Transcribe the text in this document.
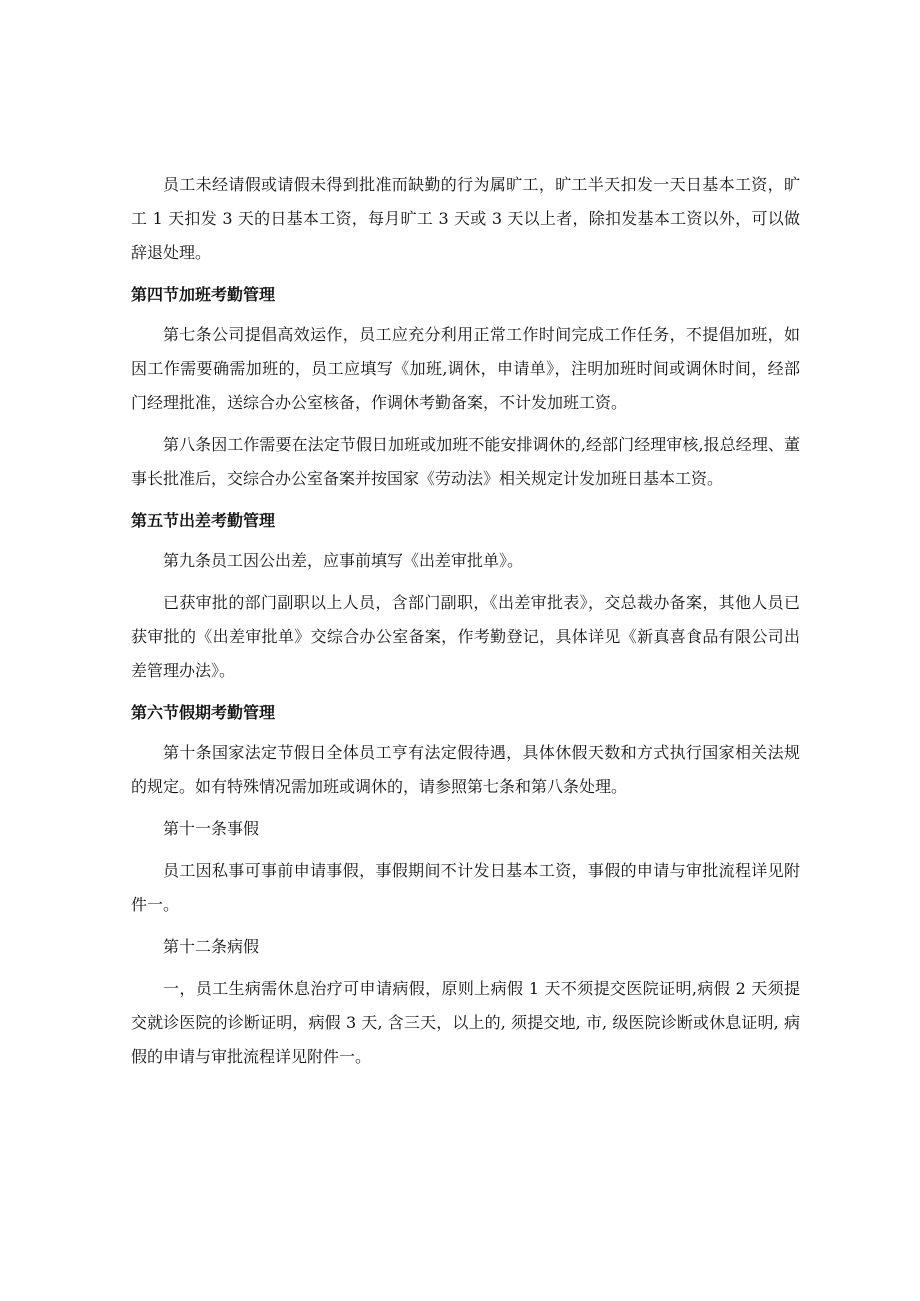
员工未经请假或请假未得到批准而缺勤的行为属旷工，旷工半天扣发一天日基本工资，旷工 1 天扣发 3 天的日基本工资，每月旷工 3 天或 3 天以上者，除扣发基本工资以外，可以做辞退处理。

第四节加班考勤管理

第七条公司提倡高效运作，员工应充分利用正常工作时间完成工作任务，不提倡加班，如因工作需要确需加班的，员工应填写《加班,调休，申请单》，注明加班时间或调休时间，经部门经理批准，送综合办公室核备，作调休考勤备案，不计发加班工资。

第八条因工作需要在法定节假日加班或加班不能安排调休的,经部门经理审核,报总经理、董事长批准后，交综合办公室备案并按国家《劳动法》相关规定计发加班日基本工资。

第五节出差考勤管理

第九条员工因公出差，应事前填写《出差审批单》。

已获审批的部门副职以上人员，含部门副职，《出差审批表》，交总裁办备案，其他人员已获审批的《出差审批单》交综合办公室备案，作考勤登记，具体详见《新真喜食品有限公司出差管理办法》。

第六节假期考勤管理

第十条国家法定节假日全体员工亨有法定假待遇，具体休假天数和方式执行国家相关法规的规定。如有特殊情况需加班或调休的，请参照第七条和第八条处理。

第十一条事假

员工因私事可事前申请事假，事假期间不计发日基本工资，事假的申请与审批流程详见附件一。

第十二条病假

一，员工生病需休息治疗可申请病假，原则上病假 1 天不须提交医院证明,病假 2 天须提交就诊医院的诊断证明，病假 3 天, 含三天，以上的, 须提交地, 市, 级医院诊断或休息证明, 病假的申请与审批流程详见附件一。
